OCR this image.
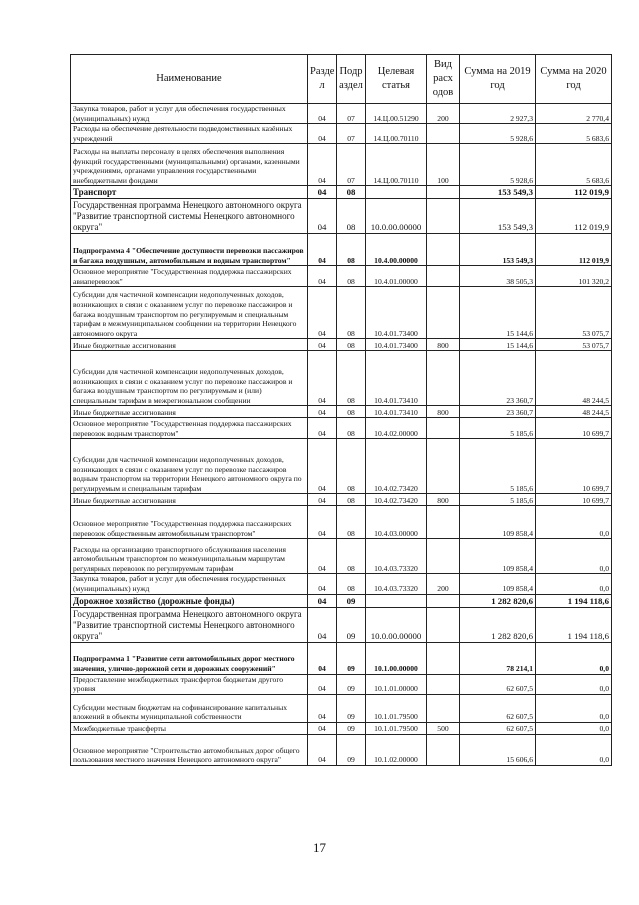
Наименование	Разде л	Подр аздел	Целевая статья	Вид расх одов	Сумма на 2019 год	Сумма на 2020 год
Закупка товаров, работ и услуг для обеспечения государственных (муниципальных) нужд	04	07	14.Ц.00.51290	200	2 927,3	2 770,4
Расходы на обеспечение деятельности подведомственных казённых учреждений	04	07	14.Ц.00.70110		5 928,6	5 683,6
Расходы на выплаты персоналу в целях обеспечения выполнения функций государственными (муниципальными) органами, казенными учреждениями, органами управления государственными внебюджетными фондами	04	07	14.Ц.00.70110	100	5 928,6	5 683,6
Транспорт	04	08			153 549,3	112 019,9
Государственная программа Ненецкого автономного округа "Развитие транспортной системы Ненецкого автономного округа"	04	08	10.0.00.00000		153 549,3	112 019,9
Подпрограмма 4 "Обеспечение доступности перевозки пассажиров и багажа воздушным, автомобильным и водным транспортом"	04	08	10.4.00.00000		153 549,3	112 019,9
Основное мероприятие "Государственная поддержка пассажирских авиаперевозок"	04	08	10.4.01.00000		38 505,3	101 320,2
Субсидии для частичной компенсации недополученных доходов, возникающих в связи с оказанием услуг по перевозке пассажиров и багажа воздушным транспортом по регулируемым и специальным тарифам в межмуниципальном сообщении на территории Ненецкого автономного округа	04	08	10.4.01.73400		15 144,6	53 075,7
Иные бюджетные ассигнования	04	08	10.4.01.73400	800	15 144,6	53 075,7
Субсидии для частичной компенсации недополученных доходов, возникающих в связи с оказанием услуг по перевозке пассажиров и багажа воздушным транспортом по регулируемым и (или) специальным тарифам в межрегиональном сообщении	04	08	10.4.01.73410		23 360,7	48 244,5
Иные бюджетные ассигнования	04	08	10.4.01.73410	800	23 360,7	48 244,5
Основное мероприятие "Государственная поддержка пассажирских перевозок водным транспортом"	04	08	10.4.02.00000		5 185,6	10 699,7
Субсидии для частичной компенсации недополученных доходов, возникающих в связи с оказанием услуг по перевозке пассажиров водным транспортом на территории Ненецкого автономного округа по регулируемым и специальным тарифам	04	08	10.4.02.73420		5 185,6	10 699,7
Иные бюджетные ассигнования	04	08	10.4.02.73420	800	5 185,6	10 699,7
Основное мероприятие "Государственная поддержка пассажирских перевозок общественным автомобильным транспортом"	04	08	10.4.03.00000		109 858,4	0,0
Расходы на организацию транспортного обслуживания населения автомобильным транспортом по межмуниципальным маршрутам регулярных перевозок по регулируемым тарифам	04	08	10.4.03.73320		109 858,4	0,0
Закупка товаров, работ и услуг для обеспечения государственных (муниципальных) нужд	04	08	10.4.03.73320	200	109 858,4	0,0
Дорожное хозяйство (дорожные фонды)	04	09			1 282 820,6	1 194 118,6
Государственная программа Ненецкого автономного округа "Развитие транспортной системы Ненецкого автономного округа"	04	09	10.0.00.00000		1 282 820,6	1 194 118,6
Подпрограмма 1 "Развитие сети автомобильных дорог местного значения, улично-дорожной сети и дорожных сооружений"	04	09	10.1.00.00000		78 214,1	0,0
Предоставление межбюджетных трансфертов бюджетам другого уровня	04	09	10.1.01.00000		62 607,5	0,0
Субсидии местным бюджетам на софинансирование капитальных вложений в объекты муниципальной собственности	04	09	10.1.01.79500		62 607,5	0,0
Межбюджетные трансферты	04	09	10.1.01.79500	500	62 607,5	0,0
Основное мероприятие "Строительство автомобильных дорог общего пользования местного значения Ненецкого автономного округа"	04	09	10.1.02.00000		15 606,6	0,0
17
